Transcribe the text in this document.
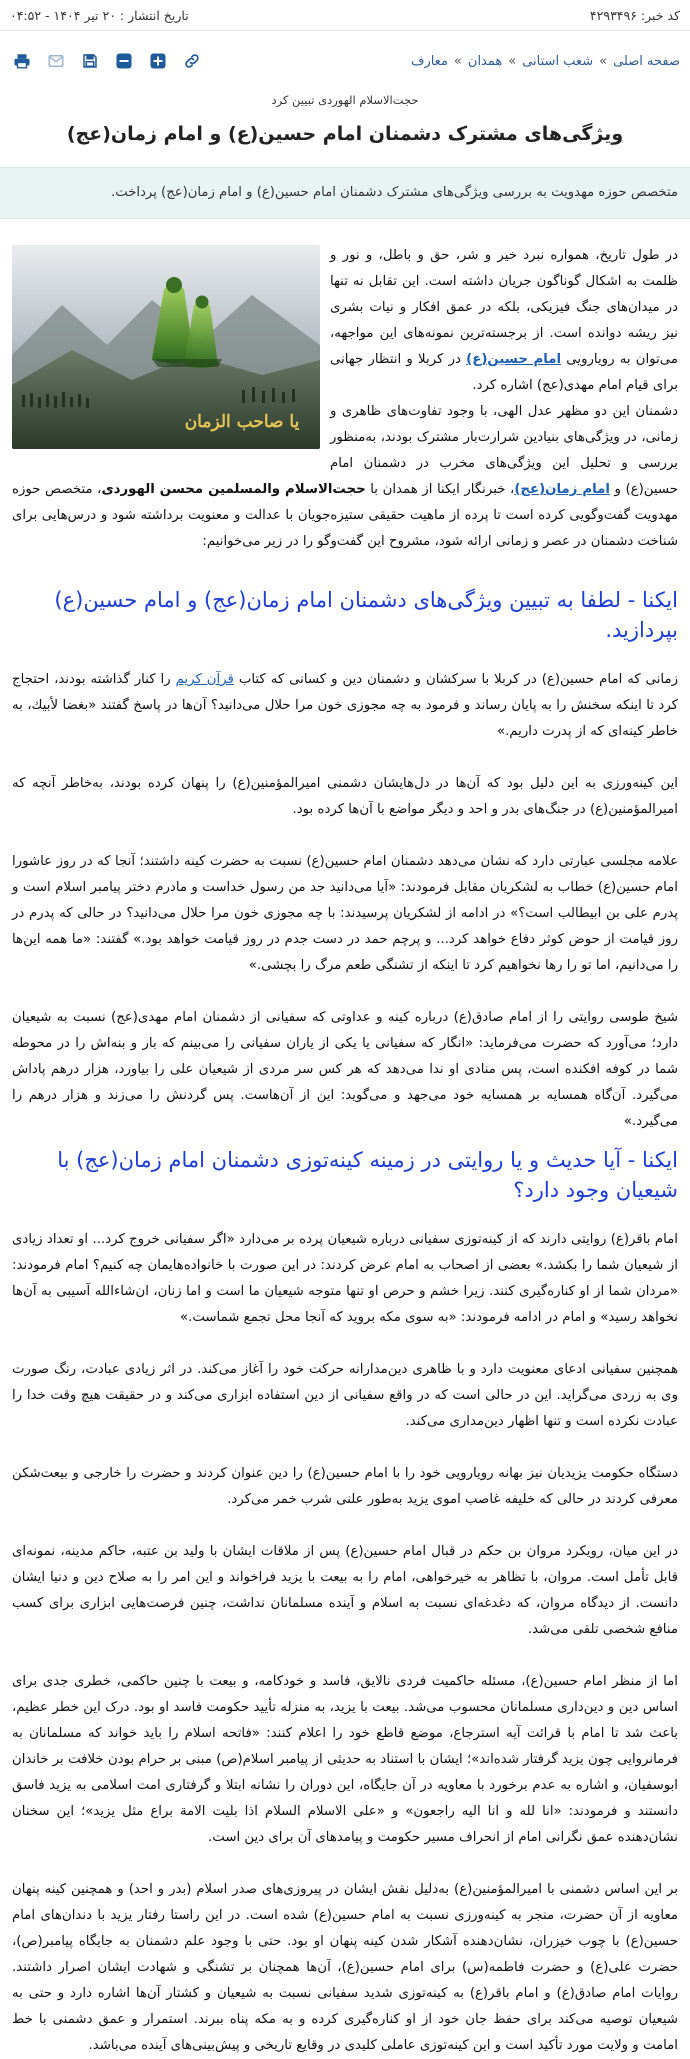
کد خبر: ۴۲۹۳۴۹۶
تاریخ انتشار : ۲۰ تیر ۱۴۰۴ - ۰۴:۵۲
صفحه اصلی
»
شعب استانی
»
همدان
»
معارف
حجت‌الاسلام الهوردی تبیین کرد
ویژگی‌های مشترک دشمنان امام حسین(ع) و امام زمان(عج)
متخصص حوزه مهدویت به بررسی ویژگی‌های مشترک دشمنان امام حسین(ع) و امام زمان(عج) پرداخت.
یا صاحب الزمان

در طول تاریخ، همواره نبرد خیر و شر، حق و باطل، و نور و ظلمت به اشکال گوناگون جریان داشته است. این تقابل نه تنها در میدان‌های جنگ فیزیکی، بلکه در عمق افکار و نیات بشری نیز ریشه دوانده است. از برجسته‌ترین نمونه‌های این مواجهه، می‌توان به رویارویی امام حسین(ع) در کربلا و انتظار جهانی برای قیام امام مهدی(عج) اشاره کرد.

دشمنان این دو مظهر عدل الهی، با وجود تفاوت‌های ظاهری و زمانی، در ویژگی‌های بنیادین شرارت‌بار مشترک بودند، به‌منظور بررسی و تحلیل این ویژگی‌های مخرب در دشمنان امام حسین(ع) و امام زمان(عج)، خبرنگار ایکنا از همدان با حجت‌الاسلام والمسلمین محسن الهوردی، متخصص حوزه مهدویت گفت‌وگویی کرده است تا پرده از ماهیت حقیقی ستیزه‌جویان با عدالت و معنویت برداشته شود و درس‌هایی برای شناخت دشمنان در عصر و زمانی ارائه شود، مشروح این گفت‌وگو را در زیر می‌خوانیم:

ایکنا - لطفا به تبیین ویژگی‌های دشمنان امام زمان(عج) و امام حسین(ع) بپردازید.

زمانی که امام حسین(ع) در کربلا با سرکشان و دشمنان دین و کسانی که کتاب قرآن کریم را کنار گذاشته بودند، احتجاج کرد تا اینکه سخنش را به پایان رساند و فرمود به چه مجوزی خون مرا حلال می‌دانید؟ آن‌ها در پاسخ گفتند «بغضا لأبیك، به خاطر کینه‌ای که از پدرت داریم.»

این کینه‌ورزی به این دلیل بود که آن‌ها در دل‌هایشان دشمنی امیرالمؤمنین(ع) را پنهان کرده بودند، به‌خاطر آنچه که امیرالمؤمنین(ع) در جنگ‌های بدر و احد و دیگر مواضع با آن‌ها کرده بود.

علامه مجلسی عبارتی دارد که نشان می‌دهد دشمنان امام حسین(ع) نسبت به حضرت کینه داشتند؛ آنجا که در روز عاشورا امام حسین(ع) خطاب به لشکریان مقابل فرمودند: «آیا می‌دانید جد من رسول خداست و مادرم دختر پیامبر اسلام است و پدرم علی بن ابیطالب است؟» در ادامه از لشکریان پرسیدند: با چه مجوزی خون مرا حلال می‌دانید؟ در حالی که پدرم در روز قیامت از حوض کوثر دفاع خواهد کرد... و پرچم حمد در دست جدم در روز قیامت خواهد بود.» گفتند: «ما همه این‌ها را می‌دانیم، اما تو را رها نخواهیم کرد تا اینکه از تشنگی طعم مرگ را بچشی.»

شیخ طوسی روایتی را از امام صادق(ع) درباره کینه و عداوتی که سفیانی از دشمنان امام مهدی(عج) نسبت به شیعیان دارد؛ می‌آورد که حضرت می‌فرماید: «انگار که سفیانی یا یکی از یاران سفیانی را می‌بینم که بار و بنه‌اش را در محوطه شما در کوفه افکنده است، پس منادی او ندا می‌دهد که هر کس سر مردی از شیعیان علی را بیاورد، هزار درهم پاداش می‌گیرد. آن‌گاه همسایه بر همسایه خود می‌جهد و می‌گوید: این از آن‌هاست. پس گردنش را می‌زند و هزار درهم را می‌گیرد.»

ایکنا - آیا حدیث و یا روایتی در زمینه کینه‌توزی دشمنان امام زمان(عج) با شیعیان وجود دارد؟

امام باقر(ع) روایتی دارند که از کینه‌توزی سفیانی درباره شیعیان پرده بر می‌دارد «اگر سفیانی خروج کرد... او تعداد زیادی از شیعیان شما را بکشد.» بعضی از اصحاب به امام عرض کردند: در این صورت با خانواده‌هایمان چه کنیم؟ امام فرمودند: «مردان شما از او کناره‌گیری کنند. زیرا خشم و حرص او تنها متوجه شیعیان ما است و اما زنان، ان‌شاءالله آسیبی به آن‌ها نخواهد رسید» و امام در ادامه فرمودند: «به سوی مکه بروید که آنجا محل تجمع شماست.»

همچنین سفیانی ادعای معنویت دارد و با ظاهری دین‌مدارانه حرکت خود را آغاز می‌کند. در اثر زیادی عبادت، رنگ صورت وی به زردی می‌گراید. این در حالی است که در واقع سفیانی از دین استفاده ابزاری می‌کند و در حقیقت هیچ وقت خدا را عبادت نکرده است و تنها اظهار دین‌مداری می‌کند.

دستگاه حکومت یزیدیان نیز بهانه رویارویی خود را با امام حسین(ع) را دین عنوان کردند و حضرت را خارجی و بیعت‌شکن معرفی کردند در حالی که خلیفه غاصب اموی یزید به‌طور علنی شرب خمر می‌کرد.

در این میان، رویکرد مروان بن حکم در قبال امام حسین(ع) پس از ملاقات ایشان با ولید بن عتبه، حاکم مدینه، نمونه‌ای قابل تأمل است. مروان، با تظاهر به خیرخواهی، امام را به بیعت با یزید فراخواند و این امر را به صلاح دین و دنیا ایشان دانست. از دیدگاه مروان، که دغدغه‌ای نسبت به اسلام و آینده مسلمانان نداشت، چنین فرصت‌هایی ابزاری برای کسب منافع شخصی تلقی می‌شد.

اما از منظر امام حسین(ع)، مسئله حاکمیت فردی نالایق، فاسد و خودکامه، و بیعت با چنین حاکمی، خطری جدی برای اساس دین و دین‌داری مسلمانان محسوب می‌شد. بیعت با یزید، به منزله تأیید حکومت فاسد او بود. درک این خطر عظیم، باعث شد تا امام با قرائت آیه استرجاع، موضع قاطع خود را اعلام کنند: «فاتحه اسلام را باید خواند که مسلمانان به فرمانروایی چون یزید گرفتار شده‌اند»؛ ایشان با استناد به حدیثی از پیامبر اسلام(ص) مبنی بر حرام بودن خلافت بر خاندان ابوسفیان، و اشاره به عدم برخورد با معاویه در آن جایگاه، این دوران را نشانه ابتلا و گرفتاری امت اسلامی به یزید فاسق دانستند و فرمودند: «انا لله و انا الیه راجعون» و «علی الاسلام السلام اذا بلیت الامة براع مثل یزید»؛ این سخنان نشان‌دهنده عمق نگرانی امام از انحراف مسیر حکومت و پیامدهای آن برای دین است.

بر این اساس دشمنی با امیرالمؤمنین(ع) به‌دلیل نقش ایشان در پیروزی‌های صدر اسلام (بدر و احد) و همچنین کینه پنهان معاویه از آن حضرت، منجر به کینه‌ورزی نسبت به امام حسین(ع) شده است. در این راستا رفتار یزید با دندان‌های امام حسین(ع) با چوب خیزران، نشان‌دهنده آشکار شدن کینه پنهان او بود. حتی با وجود علم دشمنان به جایگاه پیامبر(ص)، حضرت علی(ع) و حضرت فاطمه(س) برای امام حسین(ع)، آن‌ها همچنان بر تشنگی و شهادت ایشان اصرار داشتند. روایات امام صادق(ع) و امام باقر(ع) به کینه‌توزی شدید سفیانی نسبت به شیعیان و کشتار آن‌ها اشاره دارد و حتی به شیعیان توصیه می‌کند برای حفظ جان خود از او کناره‌گیری کرده و به مکه پناه ببرند. استمرار و عمق دشمنی با خط امامت و ولایت مورد تأکید است و این کینه‌توزی عاملی کلیدی در وقایع تاریخی و پیش‌بینی‌های آینده می‌باشد.
